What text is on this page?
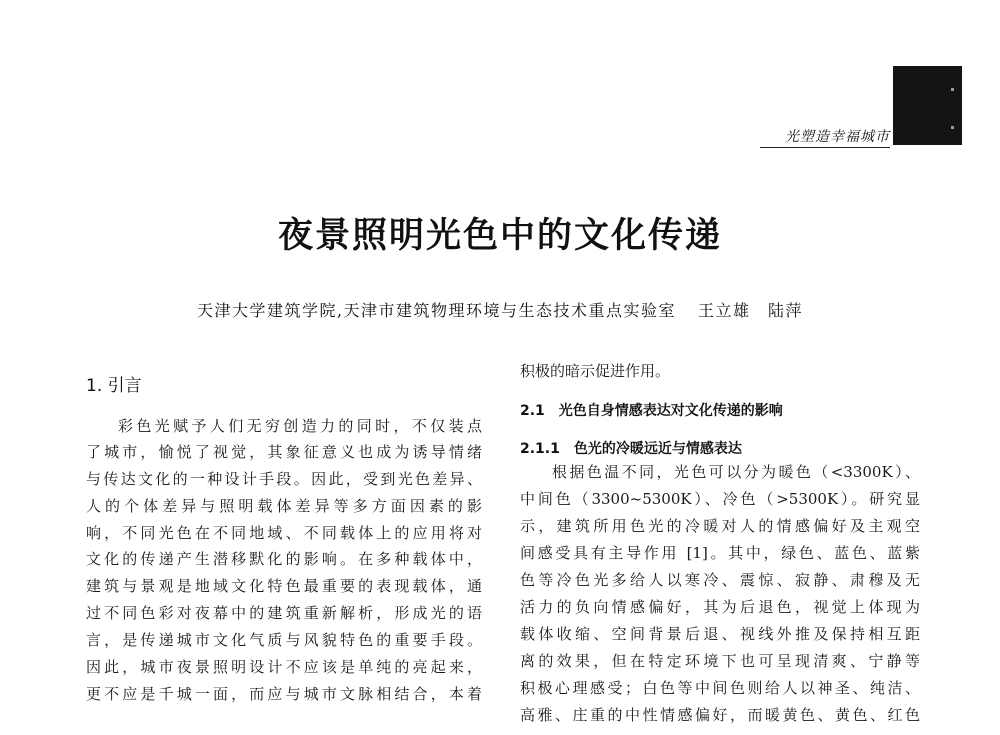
光塑造幸福城市
夜景照明光色中的文化传递
天津大学建筑学院,天津市建筑物理环境与生态技术重点实验室 王立雄　陆萍
1. 引言
彩色光赋予人们无穷创造力的同时，不仅装点
了城市，愉悦了视觉，其象征意义也成为诱导情绪
与传达文化的一种设计手段。因此，受到光色差异、
人的个体差异与照明载体差异等多方面因素的影
响，不同光色在不同地域、不同载体上的应用将对
文化的传递产生潜移默化的影响。在多种载体中，
建筑与景观是地域文化特色最重要的表现载体，通
过不同色彩对夜幕中的建筑重新解析，形成光的语
言，是传递城市文化气质与风貌特色的重要手段。
因此，城市夜景照明设计不应该是单纯的亮起来，
更不应是千城一面，而应与城市文脉相结合，本着
积极的暗示促进作用。
2.1　光色自身情感表达对文化传递的影响
2.1.1　色光的冷暖远近与情感表达
根据色温不同，光色可以分为暖色（<3300K）、
中间色（3300~5300K）、冷色（>5300K）。研究显
示，建筑所用色光的冷暖对人的情感偏好及主观空
间感受具有主导作用 [1]。其中，绿色、蓝色、蓝紫
色等冷色光多给人以寒冷、震惊、寂静、肃穆及无
活力的负向情感偏好，其为后退色，视觉上体现为
载体收缩、空间背景后退、视线外推及保持相互距
离的效果，但在特定环境下也可呈现清爽、宁静等
积极心理感受；白色等中间色则给人以神圣、纯洁、
高雅、庄重的中性情感偏好，而暖黄色、黄色、红色
